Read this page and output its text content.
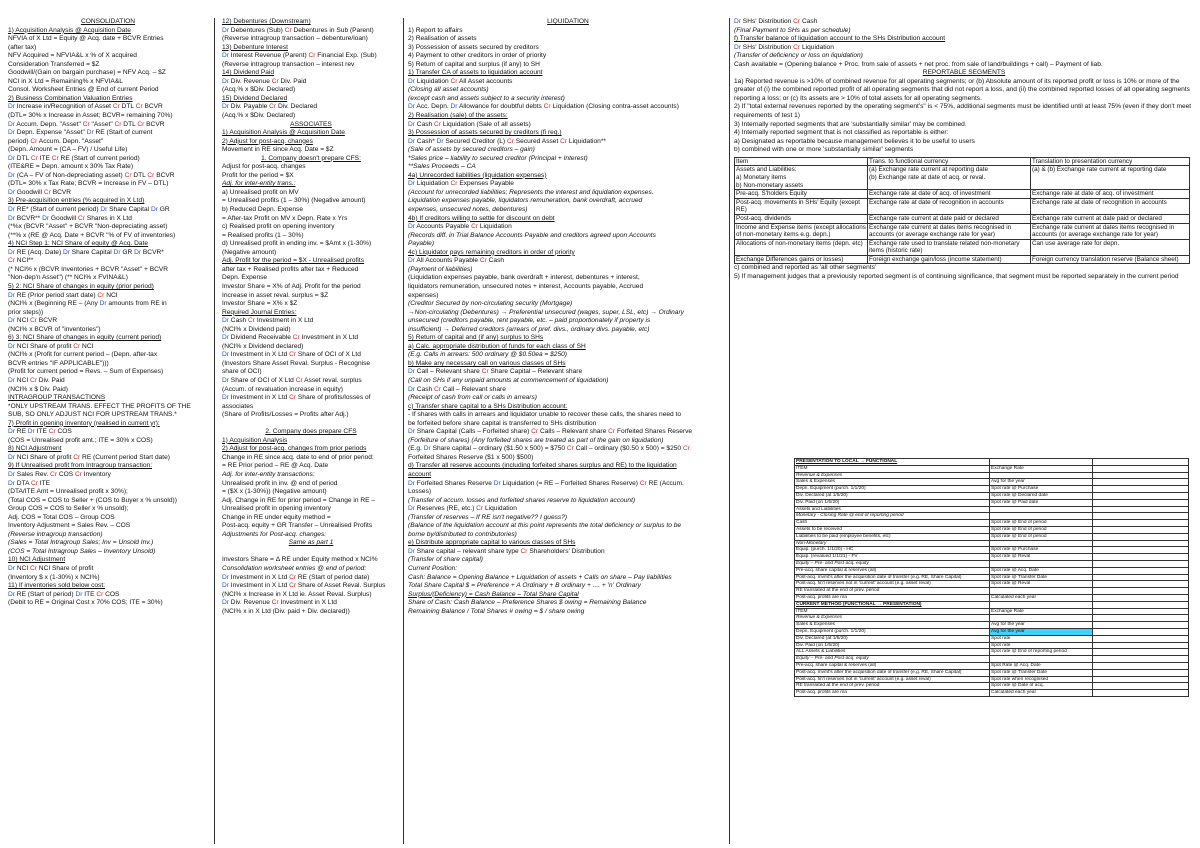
CONSOLIDATION

1) Acquisition Analysis @ Acquisition Date

NFVIA of X Ltd = Equity @ Acq. date + BCVR Entries

(after tax)

NFV Acquired = NFVIA&L x % of X acquired

Consideration Transferred = $Z

Goodwill/(Gain on bargain purchase) = NFV Acq. – $Z

NCI in X Ltd = Remaining% x NFVIA&L

Consol. Worksheet Entries @ End of current Period

2) Business Combination Valuation Entries

Dr Increase in/Recognition of Asset Cr DTL Cr BCVR

(DTL= 30% x Increase in Asset; BCVR= remaining 70%)

Dr Accum. Depn. "Asset" Cr "Asset" Cr DTL Cr BCVR

Dr Depn. Expense "Asset" Dr RE (Start of current

period) Cr Accum. Depn. "Asset"

(Depn. Amount = (CA – FV) / Useful Life)

Dr DTL Cr ITE Cr RE (Start of current period)

(ITE&RE = Depn. amount x 30% Tax Rate)

Dr (CA – FV of Non-depreciating asset) Cr DTL Cr BCVR

(DTL= 30% x Tax Rate; BCVR = Increase in FV – DTL)

Dr Goodwill Cr BCVR

3) Pre-acquisition entries (% acquired in X Ltd)

Dr RE* (Start of current period) Dr Share Capital Dr GR

Dr BCVR** Dr Goodwill Cr Shares in X Ltd

(*%x (BCVR "Asset" + BCVR "Non-depreciating asset)

(**% x (RE @ Acq. Date + BCVR "% of FV of inventories)

4) NCI Step 1: NCI Share of equity @ Acq. Date

Dr RE (Acq. Date) Dr Share Capital Dr GR Dr BCVR*

Cr NCI**

(* NCI% x (BCVR Inventories + BCVR "Asset" + BCVR

"Non-dep'n Asset") (** NCI% x FVINA&L)

5) 2: NCI Share of changes in equity (prior period)

Dr RE (Prior period start date) Cr NCI

(NCI% x (Beginning RE – (Any Dr amounts from RE in

prior steps))

Dr NCI Cr BCVR

(NCI% x BCVR of "inventories")

6) 3: NCI Share of changes in equity (current period)

Dr NCI Share of profit Cr NCI

(NCI% x (Profit for current period – (Depn. after-tax

BCVR entries "IF APPLICABLE")))

(Profit for current period = Revs. – Sum of Expenses)

Dr NCI Cr Div. Paid

(NCI% x $ Div. Paid)

INTRAGROUP TRANSACTIONS

*ONLY UPSTREAM TRANS. EFFECT THE PROFITS OF THE

SUB, SO ONLY ADJUST NCI FOR UPSTREAM TRANS.*

7) Profit in opening inventory (realised in current yr):

Dr RE Dr ITE Cr COS

(COS = Unrealised profit amt.; ITE = 30% x COS)

8) NCI Adjustment

Dr NCI Share of profit Cr RE (Current period Start date)

9) If Unrealised profit from Intragroup transaction:

Dr Sales Rev. Cr COS Cr Inventory

Dr DTA Cr ITE

(DTA/ITE Amt = Unrealised profit x 30%);

(Total COS = COS to Seller + (COS to Buyer x % unsold))

Group COS = COS to Seller x % unsold);

Adj. COS = Total COS – Group COS

Inventory Adjustment = Sales Rev. – COS

(Reverse intragroup transaction)

(Sales = Total Intragroup Sales; Inv = Unsold Inv.)

(COS = Total Intragroup Sales – Inventory Unsold)

10) NCI Adjustment

Dr NCI Cr NCI Share of profit

(Inventory $ x (1-30%) x NCI%)

11) If inventories sold below cost:

Dr RE (Start of period) Dr ITE Cr COS

(Debit to RE = Original Cost x 70% COS; ITE = 30%)

12) Debentures (Downstream)

Dr Debentures (Sub) Cr Debentures in Sub (Parent)

(Reverse intragroup transaction – debenture/loan)

13) Debenture Interest

Dr Interest Revenue (Parent) Cr Financial Exp. (Sub)

(Reverse intragroup transaction – interest rev

14) Dividend Paid

Dr Div. Revenue Cr Div. Paid

(Acq.% x $Div. Declared)

15) Dividend Declared

Dr Div. Payable Cr Div. Declared

(Acq.% x $Div. Declared)

ASSOCIATES

1) Acquisition Analysis @ Acquisition Date

2) Adjust for post-acq. changes

Movement in RE since Acq. Date = $Z

1. Company doesn't prepare CFS:

Adjust for post-acq. changes

Profit for the period = $X

Adj. for inter-entity trans.:

a) Unrealised profit on MV

= Unrealised profits (1 – 30%) (Negative amount)

b) Reduced Depn. Expense

= After-tax Profit on MV x Depn. Rate x Yrs

c) Realised profit on opening inventory

= Realised profits (1 – 30%)

d) Unrealised profit in ending inv. = $Amt x (1-30%)

(Negative amount)

Adj. Profit for the period = $X - Unrealised profits

after tax + Realised profits after tax + Reduced

Depn. Expense

Investor Share = X% of Adj. Profit for the period

Increase in asset reval. surplus = $Z

Investor Share = X% x $Z

Required Journal Entries:

Dr Cash Cr Investment in X Ltd

(NCI% x Dividend paid)

Dr Dividend Receivable Cr Investment in X Ltd

(NCI% x Dividend declared)

Dr Investment in X Ltd Cr Share of OCI of X Ltd

(Investors Share Asset Reval. Surplus - Recognise

share of OCI)

Dr Share of OCI of X Ltd Cr Asset reval. surplus

(Accum. of revaluation increase in equity)

Dr Investment in X Ltd Cr Share of profits/losses of

associates

(Share of Profits/Losses = Profits after Adj.)

2. Company does prepare CFS

1) Acquisition Analysis

2) Adjust for post-acq. changes from prior periods

Change in RE since acq. date to end of prior period:

= RE Prior period – RE @ Acq. Date

Adj. for inter-entity transactions:

Unrealised profit in inv. @ end of period

= ($X x (1-30%)) (Negative amount)

Adj. Change in RE for prior period = Change in RE –

Unrealised profit in opening inventory

Change in RE under equity method =

Post-acq. equity + GR Transfer – Unrealised Profits

Adjustments for Post-acq. changes:

Same as part 1

Investors Share = Δ RE under Equity method x NCI%

Consolidation worksheet entries @ end of period:

Dr Investment in X Ltd Cr RE (Start of period date)

Dr Investment in X Ltd Cr Share of Asset Reval. Surplus

(NCI% x Increase in X Ltd ie. Asset Reval. Surplus)

Dr Div. Revenue Cr Investment in X Ltd

(NCI% x in X Ltd (Div. paid + Div. declared))

LIQUIDATION

1) Report to affairs

2) Realisation of assets

3) Possession of assets secured by creditors

4) Payment to other creditors in order of priority

5) Return of capital and surplus (if any) to SH

1) Transfer CA of assets to liquidation account

Dr Liquidation Cr All Asset accounts

(Closing all asset accounts)

(except cash and assets subject to a security interest)

Dr Acc. Depn. Dr Allowance for doubtful debts Cr Liquidation (Closing contra-asset accounts)

2) Realisation (sale) of the assets:

Dr Cash Cr Liquidation (Sale of all assets)

3) Possession of assets secured by creditors (fi req.)

Dr Cash* Dr Secured Creditor (L) Cr Secured Asset Cr Liquidation**

(Sale of assets by secured creditors – gain)

*Sales price – liability to secured creditor (Principal + Interest)

**Sales Proceeds – CA

4a) Unrecorded liabilities (liquidation expenses)

Dr Liquidation Cr Expenses Payable

(Account for unrecorded liabilities; Represents the interest and liquidation expenses.

Liquidation expenses payable, liquidators remuneration, bank overdraft, accrued

expenses, unsecured notes, debentures)

4b) If creditors willing to settle for discount on debt

Dr Accounts Payable Cr Liquidation

(Records diff. in Trial Balance Accounts Payable and creditors agreed upon Accounts

Payable)

4c) Liquidator pays remaining creditors in order of priority

Dr All Accounts Payable Cr Cash

(Payment of liabilities)

(Liquidation expenses payable, bank overdraft + interest, debentures + interest,

liquidators remuneration, unsecured notes + interest, Accounts payable, Accrued

expenses)

(Creditor Secured by non-circulating security (Mortgage)

→Non-circulating (Debentures) → Preferential unsecured (wages, super, LSL, etc) → Ordinary

unsecured (creditors payable, rent payable, etc. – paid proportionately if property is

insufficient) → Deferred creditors (arrears of pref. divs., ordinary divs. payable, etc)

5) Return of capital and (if any) surplus to SHs

a) Calc. appropriate distribution of funds for each class of SH

(E.g. Calls in arrears: 500 ordinary @ $0.50ea = $250)

b) Make any necessary call on various classes of SHs

Dr Call – Relevant share Cr Share Capital – Relevant share

(Call on SHs if any unpaid amounts at commencement of liquidation)

Dr Cash Cr Call – Relevant share

(Receipt of cash from call or calls in arrears)

c) Transfer share capital to a SHs Distribution account:

- If shares with calls in arrears and liquidator unable to recover these calls, the shares need to

be forfeited before share capital is transferred to SHs distribution

Dr Share Capital (Calls – Forfeited share) Cr Calls – Relevant share Cr Forfeited Shares Reserve

(Forfeiture of shares) (Any forfeited shares are treated as part of the gain on liquidation)

(E.g. Dr Share capital – ordinary ($1.50 x 500) = $750 Cr Call – ordinary ($0.50 x 500) = $250 Cr

Forfeited Shares Reserve ($1 x 500) $500)

d) Transfer all reserve accounts (including forfeited shares surplus and RE) to the liquidation

account

Dr Forfeited Shares Reserve Dr Liquidation (= RE – Forfeited Shares Reserve) Cr RE (Accum.

Losses)

(Transfer of accum. losses and forfeited shares reserve to liquidation account)

Dr Reserves (RE, etc.) Cr Liquidation

(Transfer of reserves – If RE isn't negative?? I guess?)

(Balance of the liquidation account at this point represents the total deficiency or surplus to be

borne by/distributed to contributories)

e) Distribute appropriate capital to various classes of SHs

Dr Share capital – relevant share type Cr Shareholders' Distribution

(Transfer of share capital)

Current Position:

Cash: Balance = Opening Balance + Liquidation of assets + Calls on share – Pay liabilities

Total Share Capital $ = Preference + A Ordinary + B ordinary + .... + 'n' Ordinary

Surplus/(Deficiency) = Cash Balance – Total Share Capital

Share of Cash: Cash Balance – Preference Shares $ owing = Remaining Balance

Remaining Balance / Total Shares # owing = $ / share owing

Dr SHs' Distribution Cr Cash

(Final Payment to SHs as per schedule)

f) Transfer balance of liquidation account to the SHs Distribution account

Dr SHs' Distribution Cr Liquidation

(Transfer of deficiency or loss on liquidation)

Cash available = (Opening balance + Proc. from sale of assets + net proc. from sale of land/buildings + call) – Payment of liab.

REPORTABLE SEGMENTS

1a) Reported revenue is >10% of combined revenue for all operating segments; or (b) Absolute amount of its reported profit or loss is 10% or more of the greater of (i) the combined reported profit of all operating segments that did not report a loss, and (ii) the combined reported losses of all operating segments reporting a loss; or (c) Its assets are > 10% of total assets for all operating segments.

2) If "total external revenues reported by the operating segment's" is < 75%, additional segments must be identified until at least 75% (even if they don't meet requirements of test 1)

3) Internally reported segments that are 'substantially similar' may be combined.

4) Internally reported segment that is not classified as reportable is either:

a) Designated as reportable because management believes it to be useful to users

b) combined with one or more 'substantially similar' segments

Item	Trans. to functional currency	Translation to presentation currency
Assets and Liabilities:
a) Monetary items
b) Non-monetary assets	(a) Exchange rate current at reporting date
(b) Exchange rate at date of acq. or reval.	(a) & (b) Exchange rate current at reporting date
Pre-acq. S'holders Equity	Exchange rate at date of acq. of investment	Exchange rate at date of acq. of investment
Post-acq. movements in SHs' Equity (except RE)	Exchange rate at date of recognition in accounts	Exchange rate at date of recognition in accounts
Post-acq. dividends	Exchange rate current at date paid or declared	Exchange rate current at date paid or declared
Income and Expense items (except allocations of non-monetary items e.g. depn.)	Exchange rate current at dates items recognised in accounts (or average exchange rate for year)	Exchange rate current at dates items recognised in accounts (or average exchange rate for year)
Allocations of non-monetary items (depn. etc)	Exchange rate used to translate related non-monetary items (historic rate)	Can use average rate for depn.
Exchange Differences gains or losses)	Foreign exchange gain/loss (income statement)	Foreign currency translation reserve (Balance sheet)

c) combined and reported as 'all other segments'

5) If management judges that a previously reported segment is of continuing significance, that segment must be reported separately in the current period

PRESENTATION TO LOCAL → FUNCTIONAL		
ITEM	Exchange Rate	
Revenue & Expenses		
Sales & Expenses	Avg for the year	
Depn. Equipment (purch. 1/1/20)	Spot rate @ Purchase	
Div. Declared (at 1/5/20)	Spot rate @ Declared date	
Div. Paid (on 1/5/20)	Spot rate @ Paid date	
Assets and Liabilities		
Monetary - Closing Rate @ end of reporting period		
Cash	Spot rate @ End of period	
Assets to be received	Spot rate @ End of period	
Liabilities to be paid (employee benefits, etc)	Spot rate @ End of period	
Non-Monetary		
Equip. (purch. 1/1/20) - HC	Spot rate @ Purchase	
Equip. (revalued 1/1/21) - FV	Spot rate @ Reval	
Equity – Pre- and Post-acq. equity		
Pre-acq. share capital & reserves (all)	Spot rate @ Acq. Date	
Post-acq. mvmt's after the acquisition date of transfer (e.g. RE, Share Capital)	Spot rate @ Transfer Date	
Post-acq. fin'l reserves not in 'current' account (e.g. asset reval)	Spot rate @ Reval	
RE translated at the end of prev. period		
Post-acq. profits are n/a	Calculated each year	
CURRENT METHOD (FUNCTIONAL → PRESENTATION)		
ITEM	Exchange Rate	
Revenue & Expenses		
Sales & Expenses	Avg for the year	
Depn. Equipment (purch. 1/1/20)	Avg for the year	
Div. Declared (at 1/5/20)	Spot rate	
Div. Paid (on 1/5/20)	Spot rate	
ALL Assets & Liabilities	Spot rate @ End of reporting period	
Equity – Pre- and Post-acq. equity		
Pre-acq. share capital & reserves (all)	Spot Rate @ Acq. Date	
Post-acq. mvmt's after the acquisition date of transfer (e.g. RE, Share Capital)	Spot rate @ Transfer Date	
Post-acq. fin'l reserves not in 'current' account (e.g. asset reval)	Spot rate when recognised	
RE translated at the end of prev. period	Spot rate @ Date of acq.	
Post-acq. profits are n/a	Calculated each year	
